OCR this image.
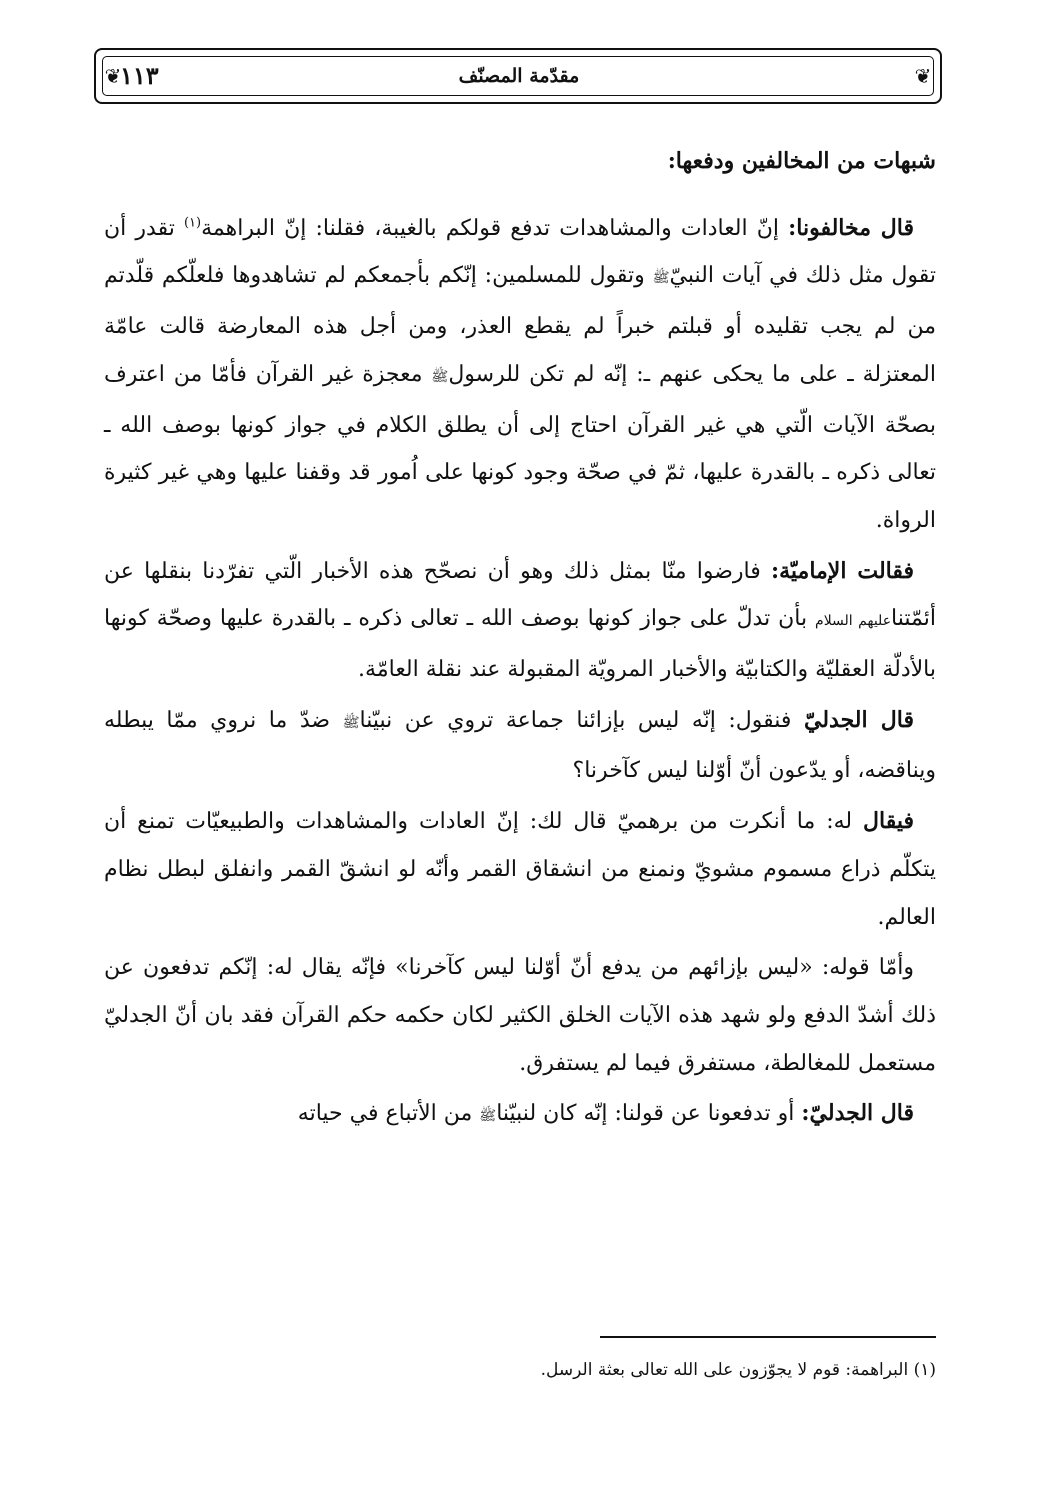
❦	❦
مقدّمة المصنّف
١١٣

شبهات من المخالفين ودفعها:

قال مخالفونا: إنّ العادات والمشاهدات تدفع قولكم بالغيبة، فقلنا: إنّ البراهمة$^{(١)}$ تقدر أن تقول مثل ذلك في آيات النبيّﷺ وتقول للمسلمين: إنّكم بأجمعكم لم تشاهدوها فلعلّكم قلّدتم من لم يجب تقليده أو قبلتم خبراً لم يقطع العذر، ومن أجل هذه المعارضة قالت عامّة المعتزلة ـ على ما يحكى عنهم ـ: إنّه لم تكن للرسولﷺ معجزة غير القرآن فأمّا من اعترف بصحّة الآيات الّتي هي غير القرآن احتاج إلى أن يطلق الكلام في جواز كونها بوصف الله ـ تعالى ذكره ـ بالقدرة عليها، ثمّ في صحّة وجود كونها على اُمور قد وقفنا عليها وهي غير كثيرة الرواة.

فقالت الإماميّة: فارضوا منّا بمثل ذلك وهو أن نصحّح هذه الأخبار الّتي تفرّدنا بنقلها عن أئمّتناعليهم السلام بأن تدلّ على جواز كونها بوصف الله ـ تعالى ذكره ـ بالقدرة عليها وصحّة كونها بالأدلّة العقليّة والكتابيّة والأخبار المرويّة المقبولة عند نقلة العامّة.

قال الجدليّ فنقول: إنّه ليس بإزائنا جماعة تروي عن نبيّناﷺ ضدّ ما نروي ممّا يبطله ويناقضه، أو يدّعون أنّ أوّلنا ليس كآخرنا؟

فيقال له: ما أنكرت من برهميّ قال لك: إنّ العادات والمشاهدات والطبيعيّات تمنع أن يتكلّم ذراع مسموم مشويّ ونمنع من انشقاق القمر وأنّه لو انشقّ القمر وانفلق لبطل نظام العالم.

وأمّا قوله: «ليس بإزائهم من يدفع أنّ أوّلنا ليس كآخرنا» فإنّه يقال له: إنّكم تدفعون عن ذلك أشدّ الدفع ولو شهد هذه الآيات الخلق الكثير لكان حكمه حكم القرآن فقد بان أنّ الجدليّ مستعمل للمغالطة، مستفرق فيما لم يستفرق.

قال الجدليّ: أو تدفعونا عن قولنا: إنّه كان لنبيّناﷺ من الأتباع في حياته

(١) البراهمة: قوم لا يجوّزون على الله تعالى بعثة الرسل.
